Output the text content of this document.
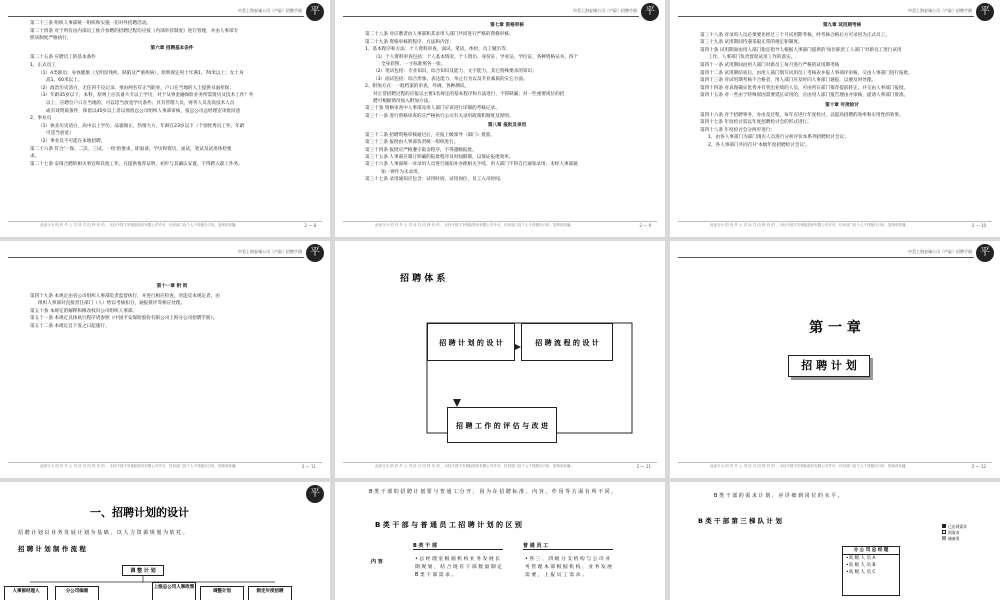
中美上海安诚公司（产险）招聘手册 平
第二十三条 组织人事部统一组织和实施一切对外招聘活动。
第二十四条 对于所有由内部员工推介参聘的招聘过程均应按《内部举荐制度》进行管理，并由人事部专
照该制度严格执行。
第六章 招聘基本条件
第二十五条 应聘员工的基本条件
1、正式员工
（1）A类职员：身体健康（无明显残疾、缺陷及严重疾病），原则规定男士年满1、70米以上；女士身
高1、60米以上。
（2）政治历史清白，无任何不良记录。须由两名有正当职业，户口在当地的人士提供书面担保；
（3）年龄35岁以下，本科，原则上应具备大专以上学历，对于从事金融保险业务所需资历及技术工作？外
以上，应聘位户口在当地的，可以适当放宽学历条件；具有管理人员，财务人员及高技术人员
或有效资质条件，保留以40岁以上者以须担总公司组织人事部审核，报总公司总经理室审批同意
2、事业员
（1）执业历史清白，高中以上学历；品貌端正，热情大方，年龄在23岁以下（个别优秀员工外，年龄
可适当放宽）
（2）事业员不可能在本地招聘。
第二十六条 符合'一保、二沃、三试、一检'的要求，即面谈，学历和资历，面试，笔试及试用体检要
求。
第二十七条 安排合聘的相关事宜和其他工作，在提供推荐证明，初步与其确认安置，不得跨入职工作务。
此部分为 国 内 外 公 司 所 共 同 特 有 的 ，未经中国平安保险股份有限公司许可，任何部门及个人不得擅自引用、复制或传播。	2 — 8
中美上海安诚公司（产险）招聘手册 平
第七章 资格审核
第二十八条 对应聘者由人事部和其求用人部门共同进行严格的资格审核；
第二十九条 资格审核的程序、方法和内容：
1、基本程序和方法：个人资料审查，面试，笔试，体检，员工履历等；
（1）个人资料审查包括：个人基本情况、个人资历、身份证、学业证、学位证、各种资格证书、四个
全身彩照、一寸标准照各一张；
（2）笔试包括：专业知识，综合知识及能力，文字能力，其它特殊要求的知识；
（3）面试包括：综合形象、表达能力、举止行为以及专业素质的实它方面。
2、附加方式：一般档案的审查，外调，各种测试。
对正常招聘过程的应报以主要1名规定的基本程序和方法进行，不得缺漏；对一些重要岗位的招
聘可根据情况加入附加方法。
第三十条 资格审查中人事部及用人部门应该进行详细的考核记录。
第三十一条 进行资格审查的应严格执行公司有关录用政策和制度及原则。
第八章 报批及录用
第三十二条 招聘资格审核通过后，应报上级领导（部门）批准。
第三十三条 报批由人事部负责统一组织进行。
第三十四条 报批应严格遵守取舍程序，不得越级报批。
第三十五条 人事部应制订明确的报批程序及时间限制，以保证报批效率。
第三十六条 人事部统一对录用人员进行通知并办理相关手续，用人部门不得自行通知录用；未经人事部通
知一律作为未录用。
第三十七条 录用通知应包含：试用时间，试用岗位，员工入司时间。
此部分为 国 内 外 公 司 所 共 同 特 有 的 ，未经中国平安保险股份有限公司许可，任何部门及个人不得擅自引用、复制或传播。	2 — 9
中美上海安诚公司（产险）招聘手册 平
第九章 试用期考核
第三十八条 对录用人员必须要先经过三个月试用期考核，经考核合格后方可录用为正式员工。
第三十九条 试用期间待遇采取正常的规定和制度。
第四十条 试用期间由用人部门指定指导人根据人事部门提供的'岗位职责工人部门'对新员工进行试用
工作。人事部门负责督促试用工作的落实。
第四十一条 试用期间由用人部门对新员工每月进行严格的试用期考核
第四十二条 试用期结束后，由用人部门填写试用员工考核表并报人事部评审核，交由人事部门进行报批。
第四十三条 对试用期考核不合格者，用人部门应及时向人事部门通报，以便及时处理。
第四十四条 对表现确实优秀并有突出业绩的人员，可由所在部门推荐提前转正，并交由人事部门报批。
第四十五条 对一些由于特殊原因需要延长试用的，应由用人部门报告理由并审核，提请人事部门批准。
第十章 年度检讨
第四十六条 对于招聘事务，办由及过程，每年应进行年度检讨，以提高招聘的效率和实用性的效果。
第四十七条 年度检讨需以年度招聘检讨会的形式进行。
第四十八条 年度检讨会分两步进行：
1、由各人事部门为部门现有人员进行分析评价本系列招聘检讨会议；
2、各人事部门共同召开'本级年度招聘检讨会议'。
此部分为 国 内 外 公 司 所 共 同 特 有 的 ，未经中国平安保险股份有限公司许可，任何部门及个人不得擅自引用、复制或传播。	2 — 10
中美上海安诚公司（产险）招聘手册 平
第十一章 附 则
第四十九条 本规定由省公司组织人事部负责监督执行，并进行相应检查，对违反本规定者，由
组织人事部对直接责任部门（人）给以考核扣分，通报批评等相应处理。
第五十条 本规定的解释和修改权归公司组织人事部。
第五十一条 本规定具体执行程序请参照《中国平安保险股份有限公司上海分公司招聘手册》。
第五十二条 本规定自下发之日起施行。
此部分为 国 内 外 公 司 所 共 同 特 有 的 ，未经中国平安保险股份有限公司许可，任何部门及个人不得擅自引用、复制或传播。	2 — 11
招 聘 体 系
招 聘 计 划 的 设 计	招 聘 流 程 的 设 计
招 聘 工 作 的 评 估 与 改 进
此部分为 国 内 外 公 司 所 共 同 特 有 的 ，未经中国平安保险股份有限公司许可，任何部门及个人不得擅自引用、复制或传播。	2 — 11
中美上海安诚公司（产险）招聘手册 平
第 一 章
招 聘 计 划
此部分为 国 内 外 公 司 所 共 同 特 有 的 ，未经中国平安保险股份有限公司许可，任何部门及个人不得擅自引用、复制或传播。	2 — 12
平
一、招聘计划的设计
招 聘 计 划 以 业 务 发 展 计 划 为 基 础 ， 以 人 力 资 源 规 划 为 依 托 。
招 聘 计 划 制 作 流 程
调 整 计 划
人事部经理人	分公司编制
上级总公司人事政策
调整计划	制定年度招聘
B 类 干 部 的 招 聘 计 划 要 与 普 通 工 分 开 ， 因 为 在 招 聘 标 准 、 内 容 、 作 用 等 方 面 有 所 不 同 。
B 类 干 部 与 普 通 员 工 招 聘 计 划 的 区 别
B 类 干 部	普 通 员 工
内 容	• 总 经 理 室 根 据 机 构 业 务 发 展 长 期 规 划 ， 结 合 现 有 干 部 数 量 制 定 B 类 干 部 需 求 。
• 各 三 、 四 级 分 支 机 构 与 公 司 业 务 管 理 本 部 根 据 机 构 、 业 务 发 展 需 要 ， 上 报 员 工 需 求 。
B 类 干 部 的 需 求 计 划 ， 应 详 细 到 岗 位 的 水 平 。
B 类 干 部 第 三 梯 队 计 划
已出现需求
预需求
储备类
分 公 司 总 经 理
•高 级 人 员 A
•高 级 人 员 B
•高 级 人 员 C
